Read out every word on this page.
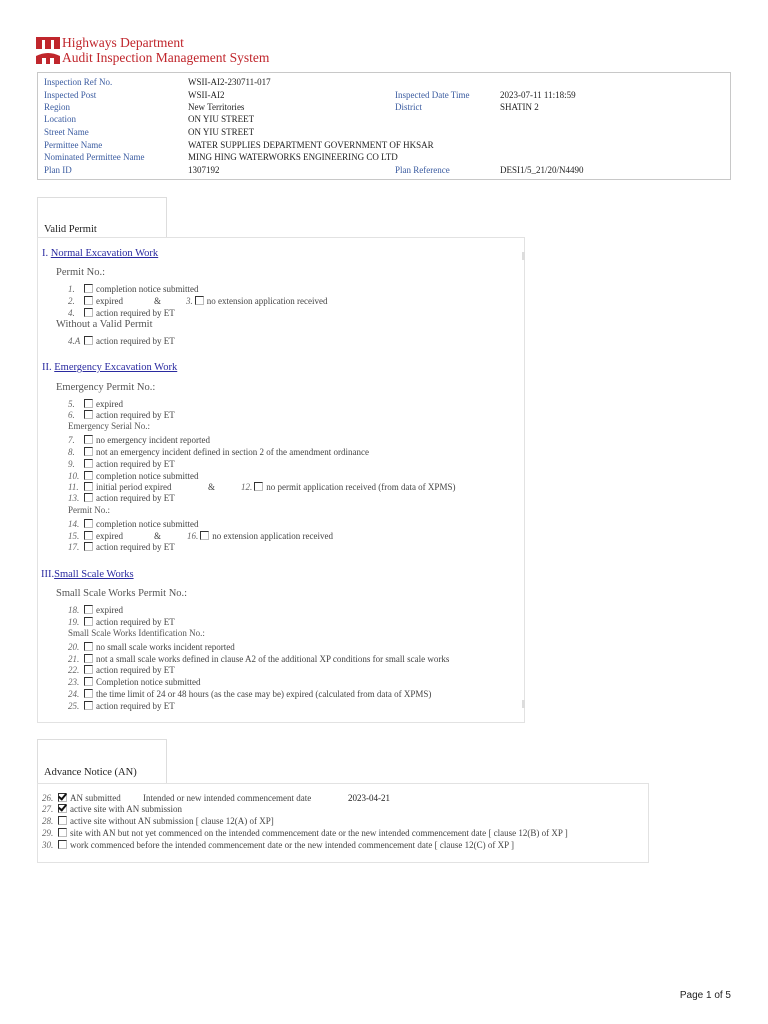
Highways Department
Audit Inspection Management System
Inspection Ref No.	WSII-AI2-230711-017
Inspected Post	WSII-AI2	Inspected Date Time	2023-07-11 11:18:59
Region	New Territories	District	SHATIN 2
Location	ON YIU STREET
Street Name	ON YIU STREET
Permittee Name	WATER SUPPLIES DEPARTMENT GOVERNMENT OF HKSAR
Nominated Permittee Name	MING HING WATERWORKS ENGINEERING CO LTD
Plan ID	1307192	Plan Reference	DESI1/5_21/20/N4490
Valid Permit
I. Normal Excavation Work
Permit No.:
1. completion notice submitted
2. expired	&	3. no extension application received
4. action required by ET
Without a Valid Permit
4.A action required by ET
II. Emergency Excavation Work
Emergency Permit No.:
5. expired
6. action required by ET
Emergency Serial No.:
7. no emergency incident reported
8. not an emergency incident defined in section 2 of the amendment ordinance
9. action required by ET
10. completion notice submitted
11. initial period expired	&	12. no permit application received (from data of XPMS)
13. action required by ET
Permit No.:
14. completion notice submitted
15. expired	&	16. no extension application received
17. action required by ET
III.Small Scale Works
Small Scale Works Permit No.:
18. expired
19. action required by ET
Small Scale Works Identification No.:
20. no small scale works incident reported
21. not a small scale works defined in clause A2 of the additional XP conditions for small scale works
22. action required by ET
23. Completion notice submitted
24. the time limit of 24 or 48 hours (as the case may be) expired (calculated from data of XPMS)
25. action required by ET
Advance Notice (AN)
26. AN submitted Intended or new intended commencement date	2023-04-21
27. active site with AN submission
28. active site without AN submission [ clause 12(A) of XP]
29. site with AN but not yet commenced on the intended commencement date or the new intended commencement date [ clause 12(B) of XP ]
30. work commenced before the intended commencement date or the new intended commencement date [ clause 12(C) of XP ]
Page 1 of 5
